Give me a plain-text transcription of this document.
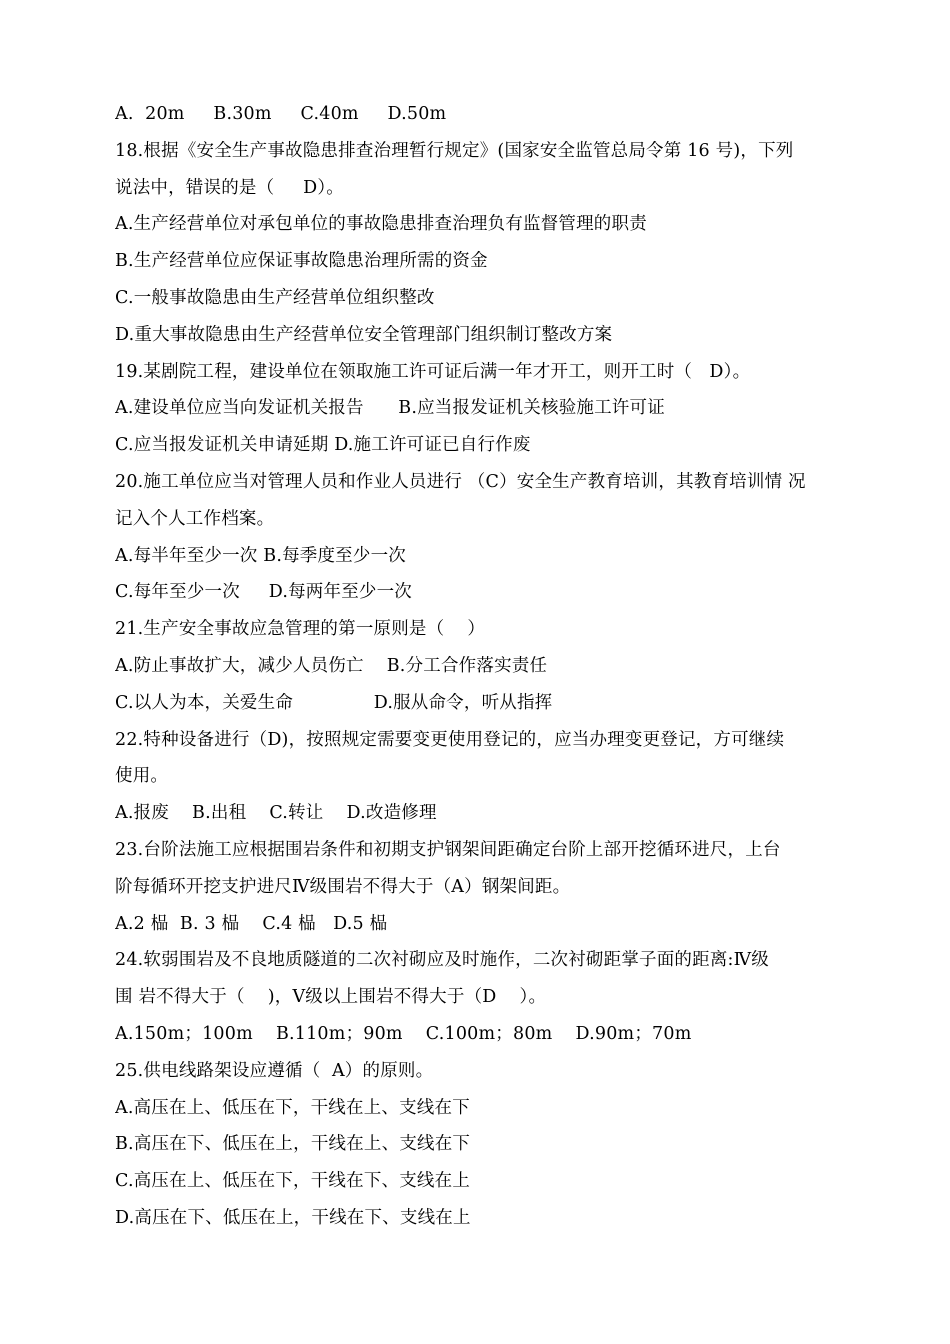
A.  20m     B.30m     C.40m     D.50m
18.根据《安全生产事故隐患排查治理暂行规定》(国家安全监管总局令第 16 号)，下列
说法中，错误的是（     D）。
A.生产经营单位对承包单位的事故隐患排查治理负有监督管理的职责
B.生产经营单位应保证事故隐患治理所需的资金
C.一般事故隐患由生产经营单位组织整改
D.重大事故隐患由生产经营单位安全管理部门组织制订整改方案
19.某剧院工程，建设单位在领取施工许可证后满一年才开工，则开工时（   D）。
A.建设单位应当向发证机关报告      B.应当报发证机关核验施工许可证
C.应当报发证机关申请延期 D.施工许可证已自行作废
20.施工单位应当对管理人员和作业人员进行 （C）安全生产教育培训，其教育培训情 况
记入个人工作档案。
A.每半年至少一次 B.每季度至少一次
C.每年至少一次     D.每两年至少一次
21.生产安全事故应急管理的第一原则是（    ）
A.防止事故扩大，减少人员伤亡    B.分工合作落实责任
C.以人为本，关爱生命              D.服从命令，听从指挥
22.特种设备进行（D)，按照规定需要变更使用登记的，应当办理变更登记，方可继续
使用。
A.报废    B.出租    C.转让    D.改造修理
23.台阶法施工应根据围岩条件和初期支护钢架间距确定台阶上部开挖循环进尺，上台
阶每循环开挖支护进尺Ⅳ级围岩不得大于（A）钢架间距。
A.2 榀  B. 3 榀    C.4 榀   D.5 榀
24.软弱围岩及不良地质隧道的二次衬砌应及时施作，二次衬砌距掌子面的距离:Ⅳ级
围 岩不得大于（    )，Ⅴ级以上围岩不得大于（D    ）。
A.150m；100m    B.110m；90m    C.100m；80m    D.90m；70m
25.供电线路架设应遵循（  A）的原则。
A.高压在上、低压在下，干线在上、支线在下
B.高压在下、低压在上，干线在上、支线在下
C.高压在上、低压在下，干线在下、支线在上
D.高压在下、低压在上，干线在下、支线在上
